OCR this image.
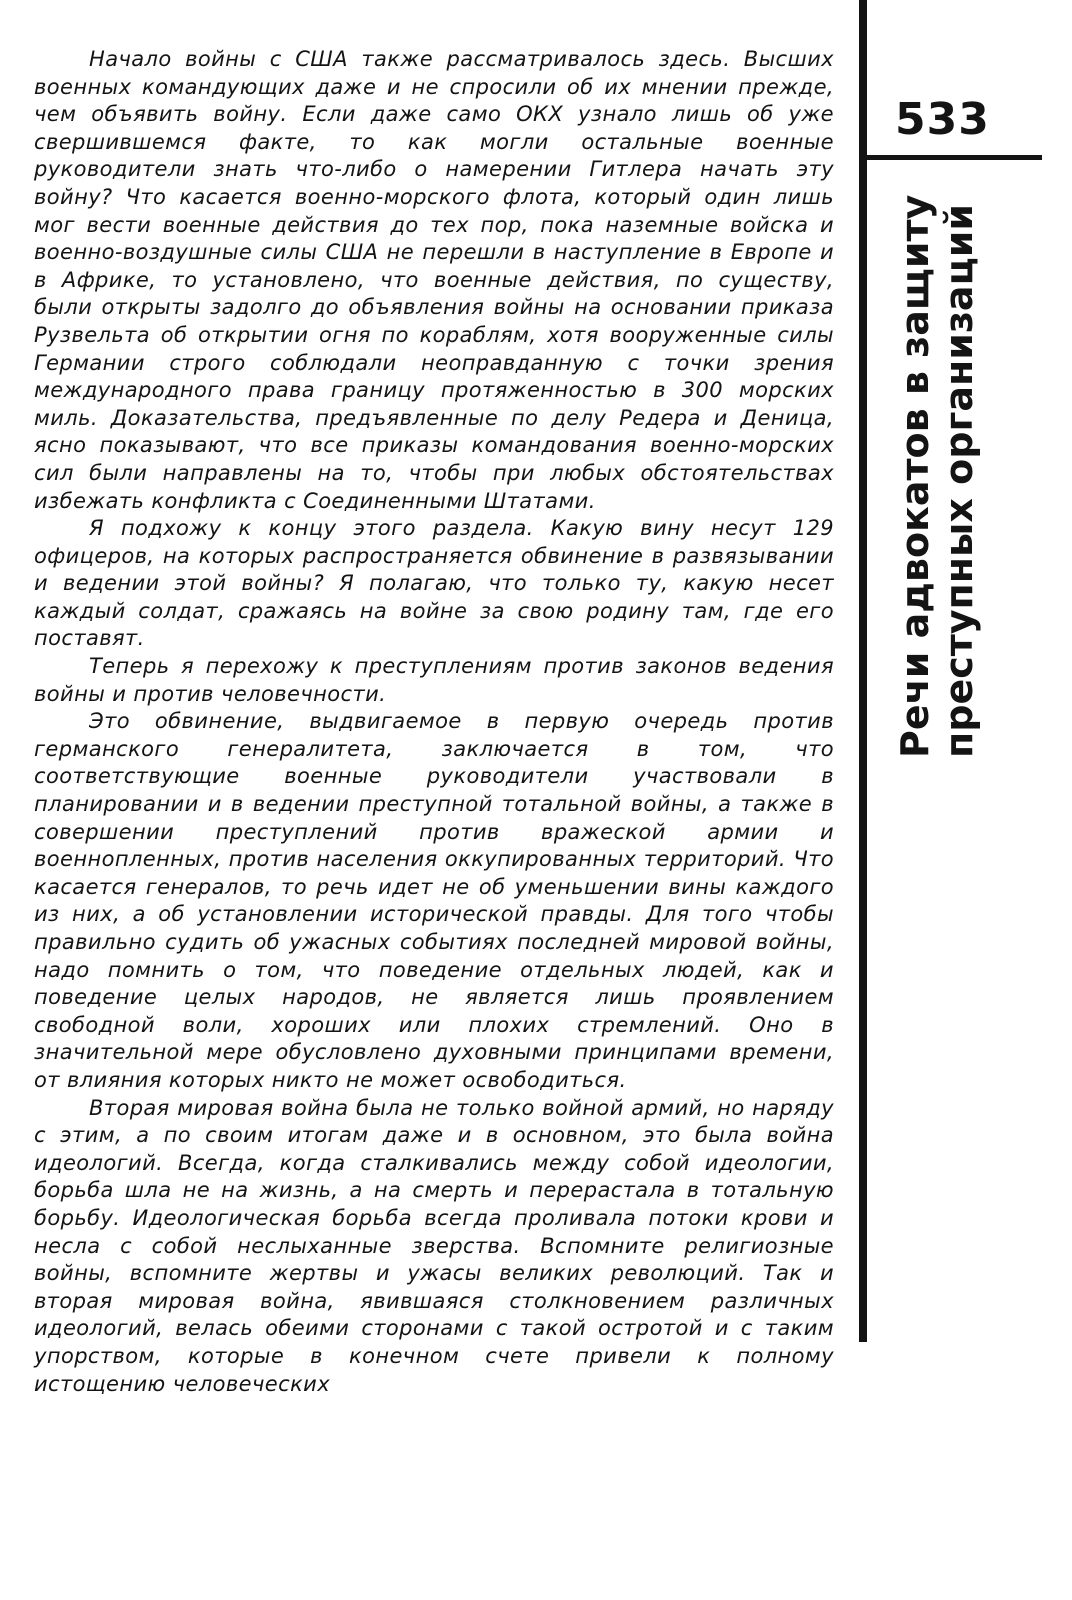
Начало войны с США также рассматривалось здесь. Высших военных командующих даже и не спросили об их мнении прежде, чем объявить войну. Если даже само ОКХ узнало лишь об уже свершившемся факте, то как могли остальные военные руководители знать что-либо о намерении Гитлера начать эту войну? Что касается военно-морского флота, который один лишь мог вести военные действия до тех пор, пока наземные войска и военно-воздушные силы США не перешли в наступление в Европе и в Африке, то установлено, что военные действия, по существу, были открыты задолго до объявления войны на основании приказа Рузвельта об открытии огня по кораблям, хотя вооруженные силы Германии строго соблюдали неоправданную с точки зрения международного права границу протяженностью в 300 морских миль. Доказательства, предъявленные по делу Редера и Деница, ясно показывают, что все приказы командования военно-морских сил были направлены на то, чтобы при любых обстоятельствах избежать конфликта с Соединенными Штатами.

Я подхожу к концу этого раздела. Какую вину несут 129 офицеров, на которых распространяется обвинение в развязывании и ведении этой войны? Я полагаю, что только ту, какую несет каждый солдат, сражаясь на войне за свою родину там, где его поставят.

Теперь я перехожу к преступлениям против законов ведения войны и против человечности.

Это обвинение, выдвигаемое в первую очередь против германского генералитета, заключается в том, что соответствующие военные руководители участвовали в планировании и в ведении преступной тотальной войны, а также в совершении преступлений против вражеской армии и военнопленных, против населения оккупированных территорий. Что касается генералов, то речь идет не об уменьшении вины каждого из них, а об установлении исторической правды. Для того чтобы правильно судить об ужасных событиях последней мировой войны, надо помнить о том, что поведение отдельных людей, как и поведение целых народов, не является лишь проявлением свободной воли, хороших или плохих стремлений. Оно в значительной мере обусловлено духовными принципами времени, от влияния которых никто не может освободиться.

Вторая мировая война была не только войной армий, но наряду с этим, а по своим итогам даже и в основном, это была война идеологий. Всегда, когда сталкивались между собой идеологии, борьба шла не на жизнь, а на смерть и перерастала в тотальную борьбу. Идеологическая борьба всегда проливала потоки крови и несла с собой неслыханные зверства. Вспомните религиозные войны, вспомните жертвы и ужасы великих революций. Так и вторая мировая война, явившаяся столкновением различных идеологий, велась обеими сторонами с такой остротой и с таким упорством, которые в конечном счете привели к полному истощению человеческих

533
Речи адвокатов в защиту преступных организаций
